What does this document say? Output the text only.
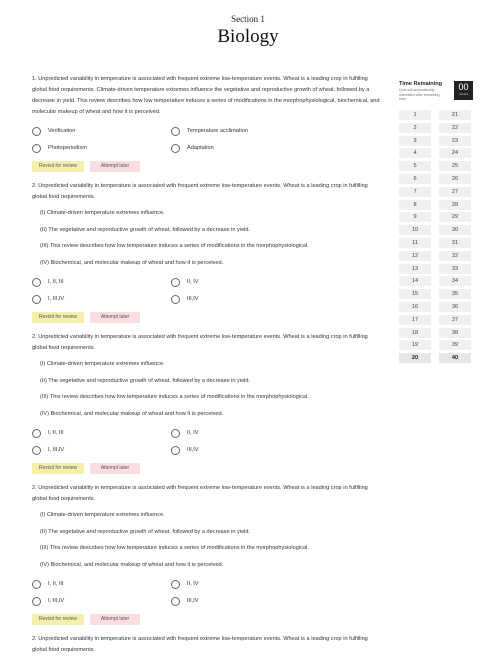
Section 1
Biology

1. Unpredicted variability in temperature is associated with frequent extreme low-temperature events. Wheat is a leading crop in fulfilling global food requirements. Climate-driven temperature extremes influence the vegetative and reproductive growth of wheat, followed by a decrease in yield. This review describes how low temperature induces a series of modifications in the morphophysiological, biochemical, and molecular makeup of wheat and how it is perceived.

Verification	Temperature acclimation
Photoperiodism	Adaptation
Revisit for review	Attempt later

2. Unpredicted variability in temperature is associated with frequent extreme low-temperature events. Wheat is a leading crop in fulfilling global food requirements.

(I) Climate-driven temperature extremes influence.
(II) The vegetative and reproductive growth of wheat, followed by a decrease in yield.
(III) This review describes how low temperature induces a series of modifications in the morphophysiological.
(IV) Biochemical, and molecular makeup of wheat and how it is perceived.
I, II, III	II, IV
I, III,IV	III,IV
Revisit for review	Attempt later

2. Unpredicted variability in temperature is associated with frequent extreme low-temperature events. Wheat is a leading crop in fulfilling global food requirements.

(I) Climate-driven temperature extremes influence.
(II) The vegetative and reproductive growth of wheat, followed by a decrease in yield.
(III) This review describes how low temperature induces a series of modifications in the morphophysiological.
(IV) Biochemical, and molecular makeup of wheat and how it is perceived.
I, II, III	II, IV
I, III,IV	III,IV
Revisit for review	Attempt later

2. Unpredicted variability in temperature is associated with frequent extreme low-temperature events. Wheat is a leading crop in fulfilling global food requirements.

(I) Climate-driven temperature extremes influence.
(II) The vegetative and reproductive growth of wheat, followed by a decrease in yield.
(III) This review describes how low temperature induces a series of modifications in the morphophysiological.
(IV) Biochemical, and molecular makeup of wheat and how it is perceived.
I, II, III	II, IV
I, III,IV	III,IV
Revisit for review	Attempt later

2. Unpredicted variability in temperature is associated with frequent extreme low-temperature events. Wheat is a leading crop in fulfilling global food requirements.

Time Remaining
Quiz will automatically submitted after remaining time
00
minutes
1
2
3
4
5
6
7
8
9
10
11
12
13
14
15
16
17
18
19
20
21
22
23
24
25
26
27
28
29
30
31
32
33
34
35
36
37
38
39
40
